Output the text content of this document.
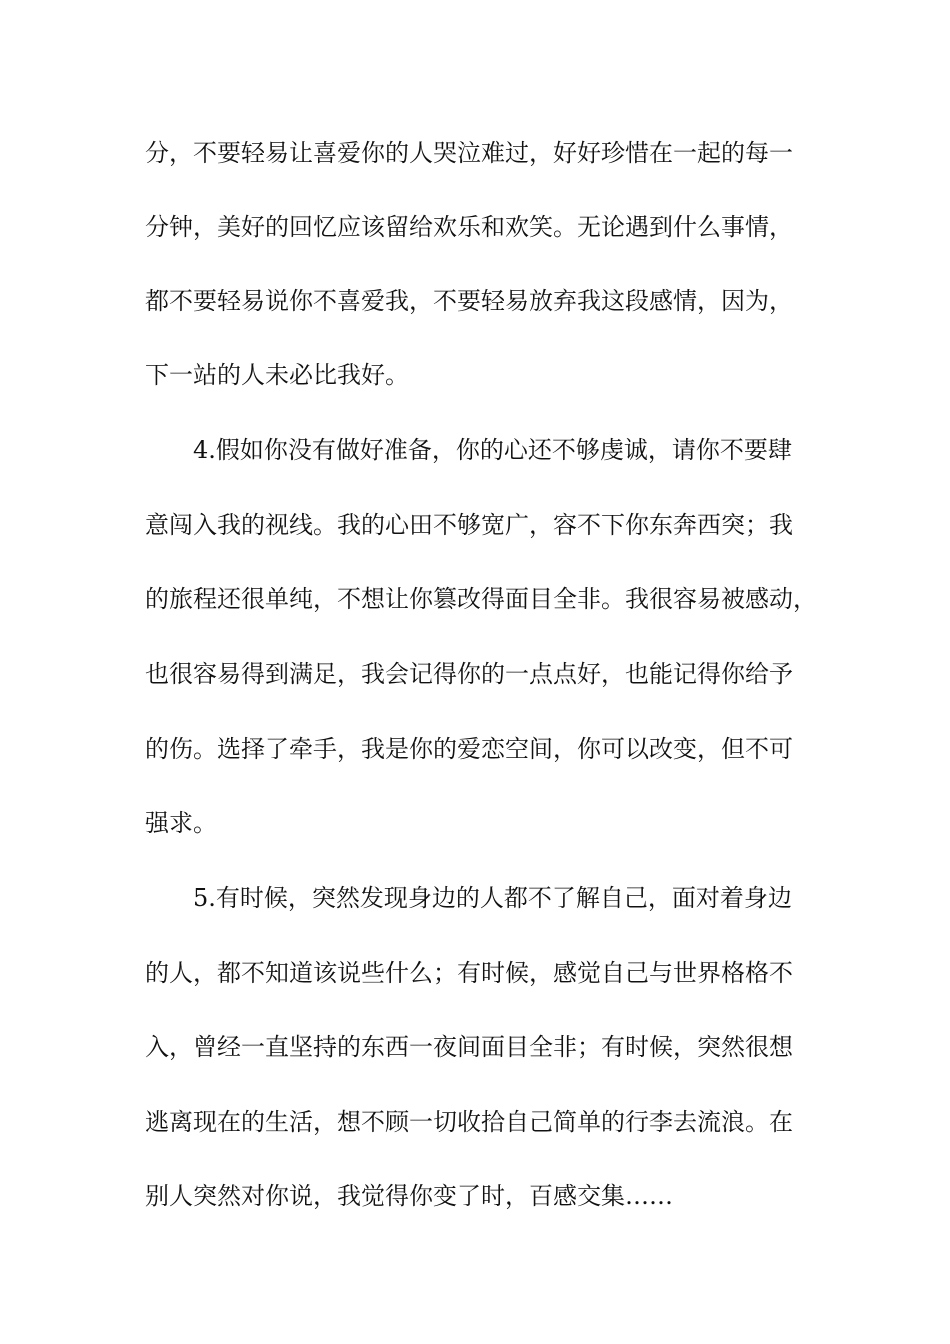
分，不要轻易让喜爱你的人哭泣难过，好好珍惜在一起的每一
分钟，美好的回忆应该留给欢乐和欢笑。无论遇到什么事情，
都不要轻易说你不喜爱我，不要轻易放弃我这段感情，因为，
下一站的人未必比我好。
4.假如你没有做好准备，你的心还不够虔诚，请你不要肆
意闯入我的视线。我的心田不够宽广，容不下你东奔西突；我
的旅程还很单纯，不想让你篡改得面目全非。我很容易被感动，
也很容易得到满足，我会记得你的一点点好，也能记得你给予
的伤。选择了牵手，我是你的爱恋空间，你可以改变，但不可
强求。
5.有时候，突然发现身边的人都不了解自己，面对着身边
的人，都不知道该说些什么；有时候，感觉自己与世界格格不
入，曾经一直坚持的东西一夜间面目全非；有时候，突然很想
逃离现在的生活，想不顾一切收拾自己简单的行李去流浪。在
别人突然对你说，我觉得你变了时，百感交集……
